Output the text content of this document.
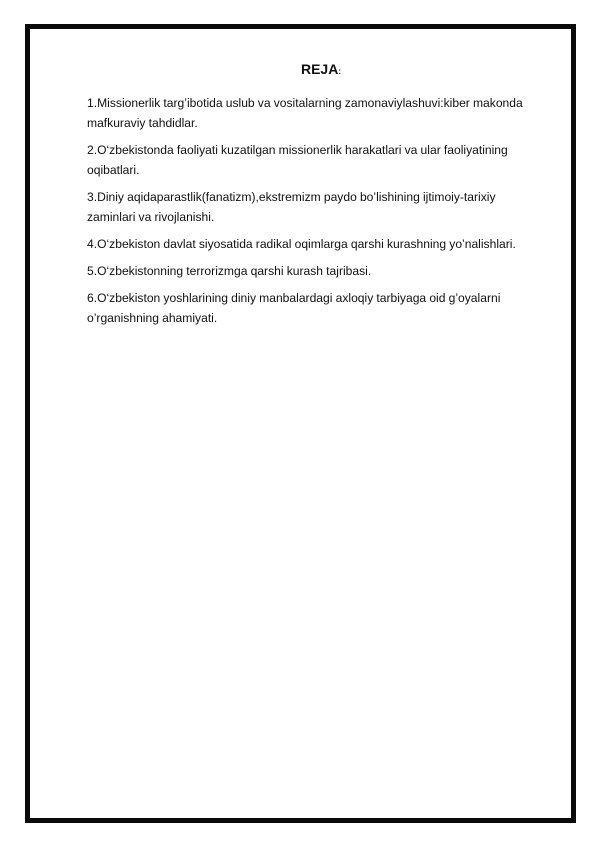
REJA:
1.Missionerlik targ’ibotida uslub va vositalarning zamonaviylashuvi:kiber makonda
mafkuraviy tahdidlar.
2.O‘zbekistonda faoliyati kuzatilgan missionerlik harakatlari va ular faoliyatining
oqibatlari.
3.Diniy aqidaparastlik(fanatizm),ekstremizm paydo bo’lishining ijtimoiy-tarixiy
zaminlari va rivojlanishi.
4.O‘zbekiston davlat siyosatida radikal oqimlarga qarshi kurashning yo’nalishlari.
5.O‘zbekistonning terrorizmga qarshi kurash tajribasi.
6.O‘zbekiston yoshlarining diniy manbalardagi axloqiy tarbiyaga oid g’oyalarni
o’rganishning ahamiyati.
